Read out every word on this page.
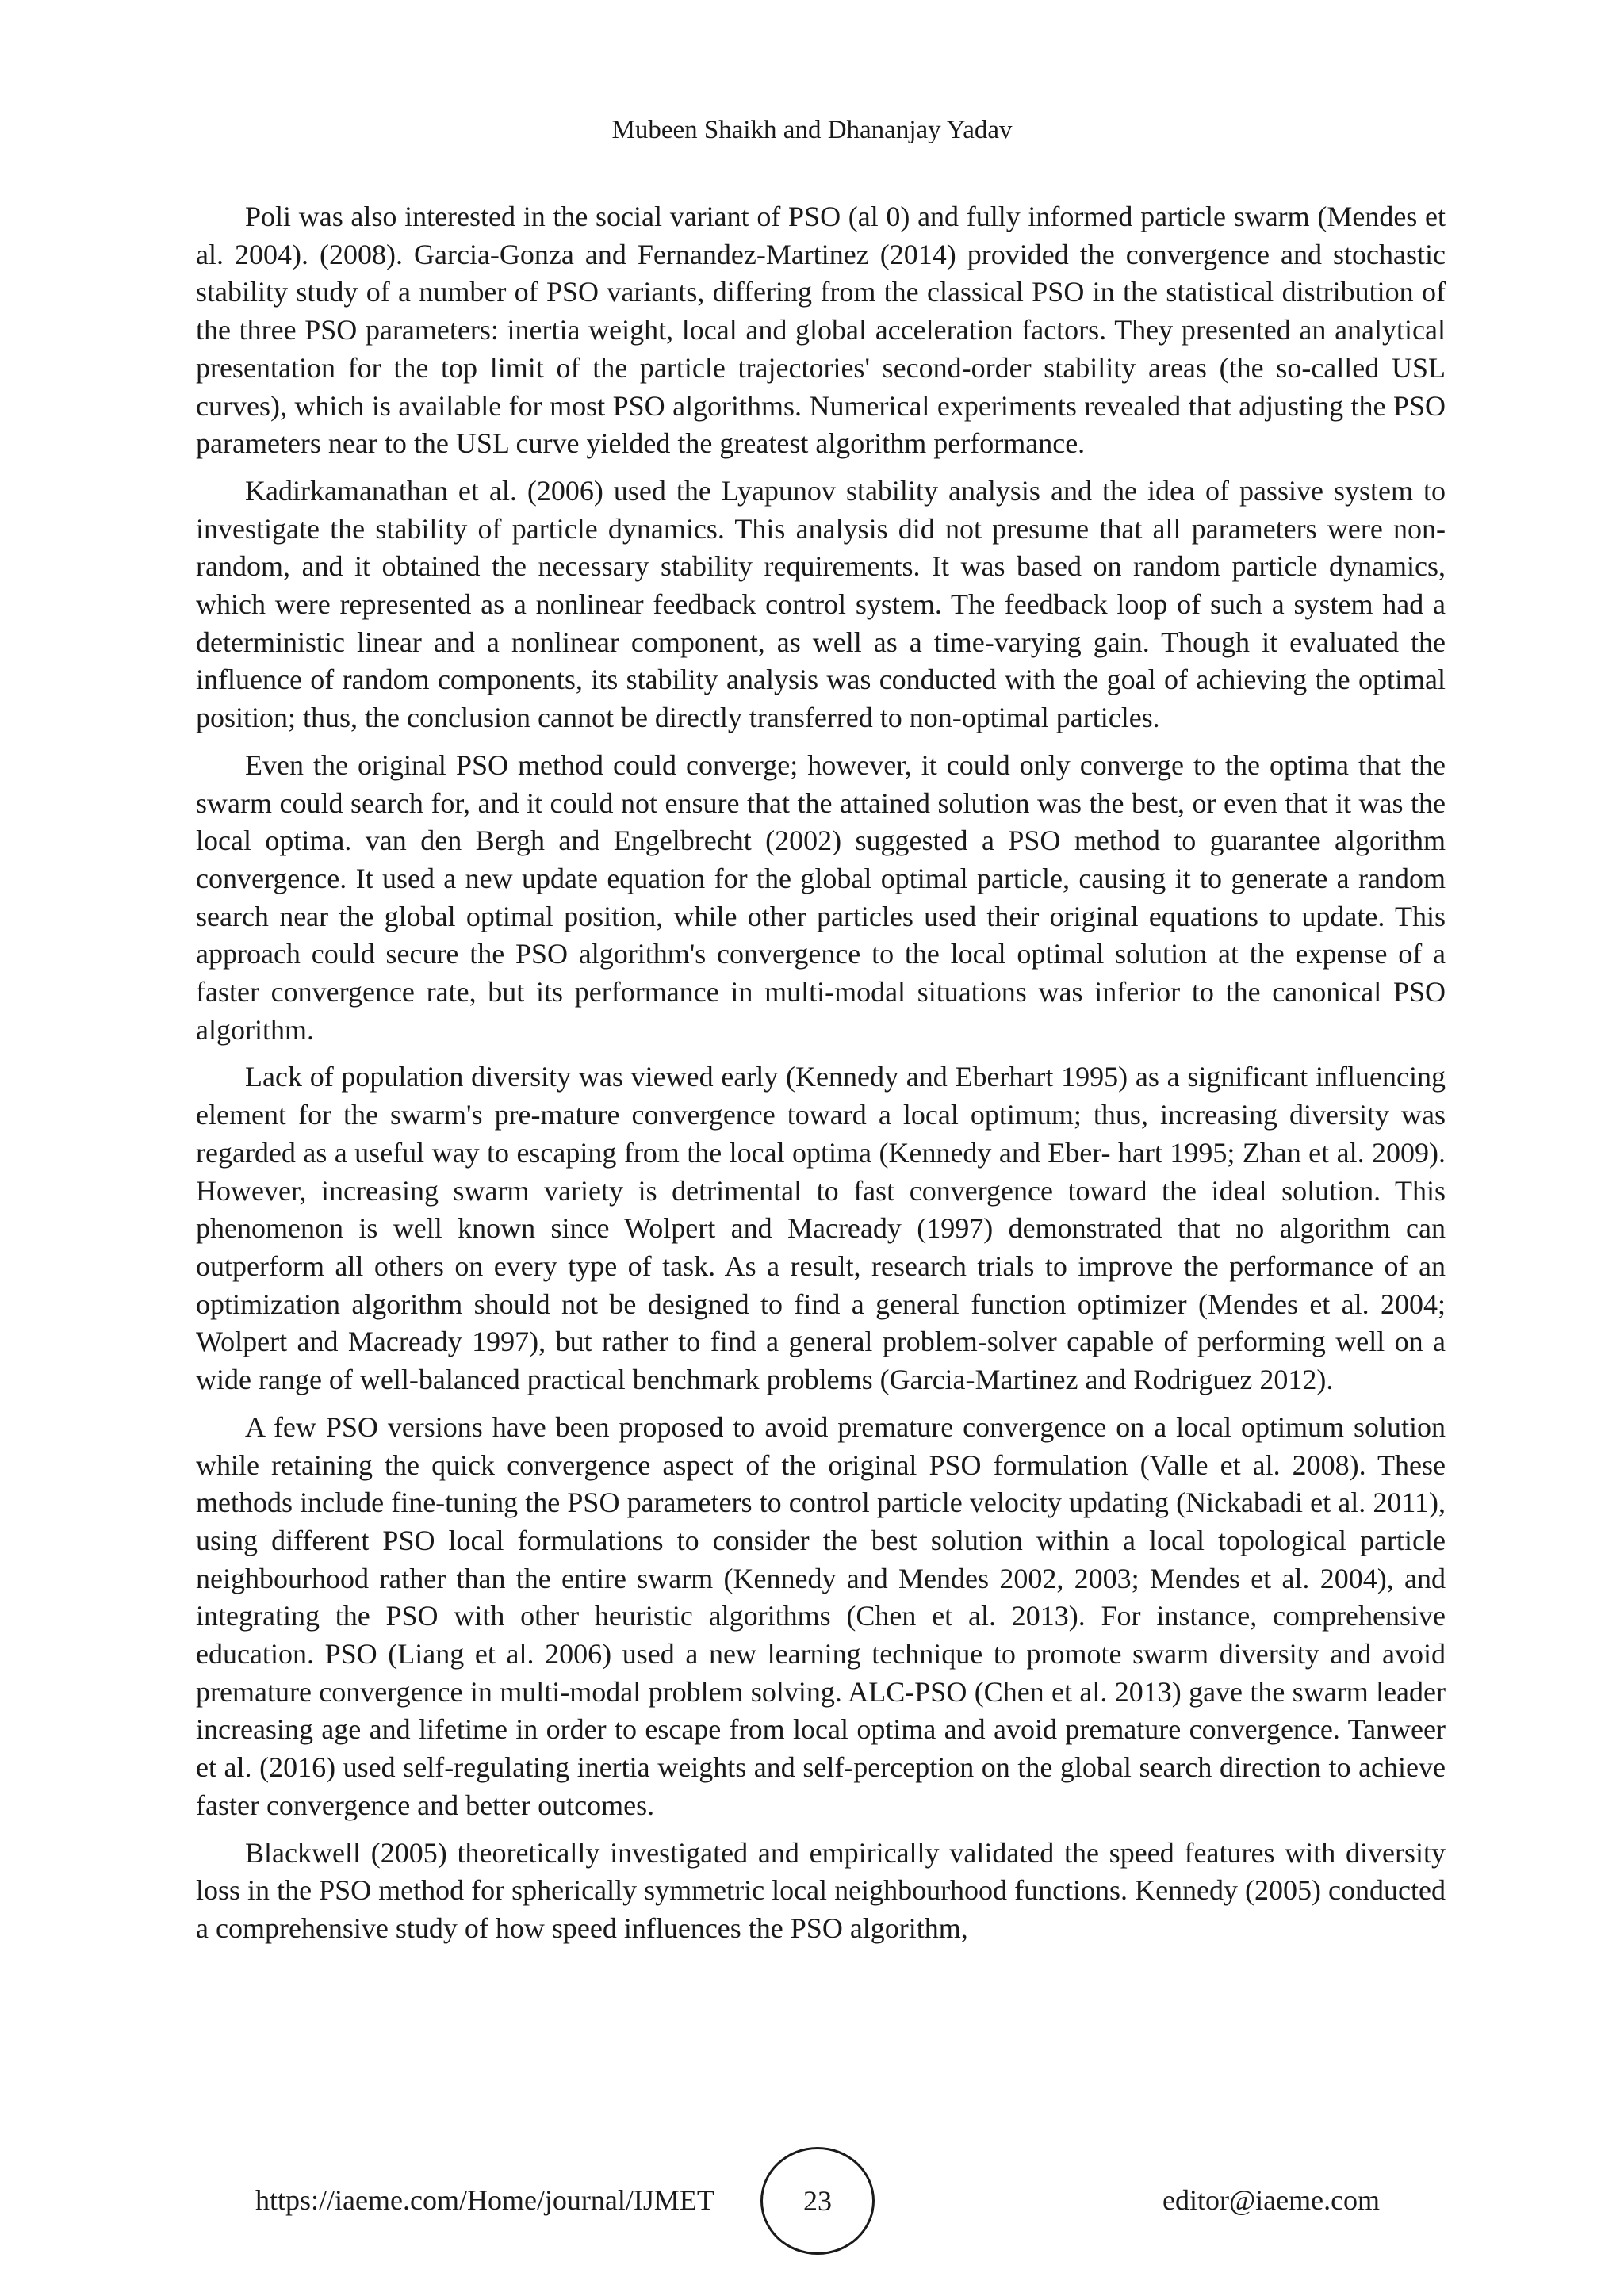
Mubeen Shaikh and Dhananjay Yadav

Poli was also interested in the social variant of PSO (al 0) and fully informed particle swarm (Mendes et al. 2004). (2008). Garcia-Gonza and Fernandez-Martinez (2014) provided the convergence and stochastic stability study of a number of PSO variants, differing from the classical PSO in the statistical distribution of the three PSO parameters: inertia weight, local and global acceleration factors. They presented an analytical presentation for the top limit of the particle trajectories' second-order stability areas (the so-called USL curves), which is available for most PSO algorithms. Numerical experiments revealed that adjusting the PSO parameters near to the USL curve yielded the greatest algorithm performance.

Kadirkamanathan et al. (2006) used the Lyapunov stability analysis and the idea of passive system to investigate the stability of particle dynamics. This analysis did not presume that all parameters were non-random, and it obtained the necessary stability requirements. It was based on random particle dynamics, which were represented as a nonlinear feedback control system. The feedback loop of such a system had a deterministic linear and a nonlinear component, as well as a time-varying gain. Though it evaluated the influence of random components, its stability analysis was conducted with the goal of achieving the optimal position; thus, the conclusion cannot be directly transferred to non-optimal particles.

Even the original PSO method could converge; however, it could only converge to the optima that the swarm could search for, and it could not ensure that the attained solution was the best, or even that it was the local optima. van den Bergh and Engelbrecht (2002) suggested a PSO method to guarantee algorithm convergence. It used a new update equation for the global optimal particle, causing it to generate a random search near the global optimal position, while other particles used their original equations to update. This approach could secure the PSO algorithm's convergence to the local optimal solution at the expense of a faster convergence rate, but its performance in multi-modal situations was inferior to the canonical PSO algorithm.

Lack of population diversity was viewed early (Kennedy and Eberhart 1995) as a significant influencing element for the swarm's pre-mature convergence toward a local optimum; thus, increasing diversity was regarded as a useful way to escaping from the local optima (Kennedy and Eber- hart 1995; Zhan et al. 2009). However, increasing swarm variety is detrimental to fast convergence toward the ideal solution. This phenomenon is well known since Wolpert and Macready (1997) demonstrated that no algorithm can outperform all others on every type of task. As a result, research trials to improve the performance of an optimization algorithm should not be designed to find a general function optimizer (Mendes et al. 2004; Wolpert and Macready 1997), but rather to find a general problem-solver capable of performing well on a wide range of well-balanced practical benchmark problems (Garcia-Martinez and Rodriguez 2012).

A few PSO versions have been proposed to avoid premature convergence on a local optimum solution while retaining the quick convergence aspect of the original PSO formulation (Valle et al. 2008). These methods include fine-tuning the PSO parameters to control particle velocity updating (Nickabadi et al. 2011), using different PSO local formulations to consider the best solution within a local topological particle neighbourhood rather than the entire swarm (Kennedy and Mendes 2002, 2003; Mendes et al. 2004), and integrating the PSO with other heuristic algorithms (Chen et al. 2013). For instance, comprehensive education. PSO (Liang et al. 2006) used a new learning technique to promote swarm diversity and avoid premature convergence in multi-modal problem solving. ALC-PSO (Chen et al. 2013) gave the swarm leader increasing age and lifetime in order to escape from local optima and avoid premature convergence. Tanweer et al. (2016) used self-regulating inertia weights and self-perception on the global search direction to achieve faster convergence and better outcomes.

Blackwell (2005) theoretically investigated and empirically validated the speed features with diversity loss in the PSO method for spherically symmetric local neighbourhood functions. Kennedy (2005) conducted a comprehensive study of how speed influences the PSO algorithm,

https://iaeme.com/Home/journal/IJMET	23	editor@iaeme.com
